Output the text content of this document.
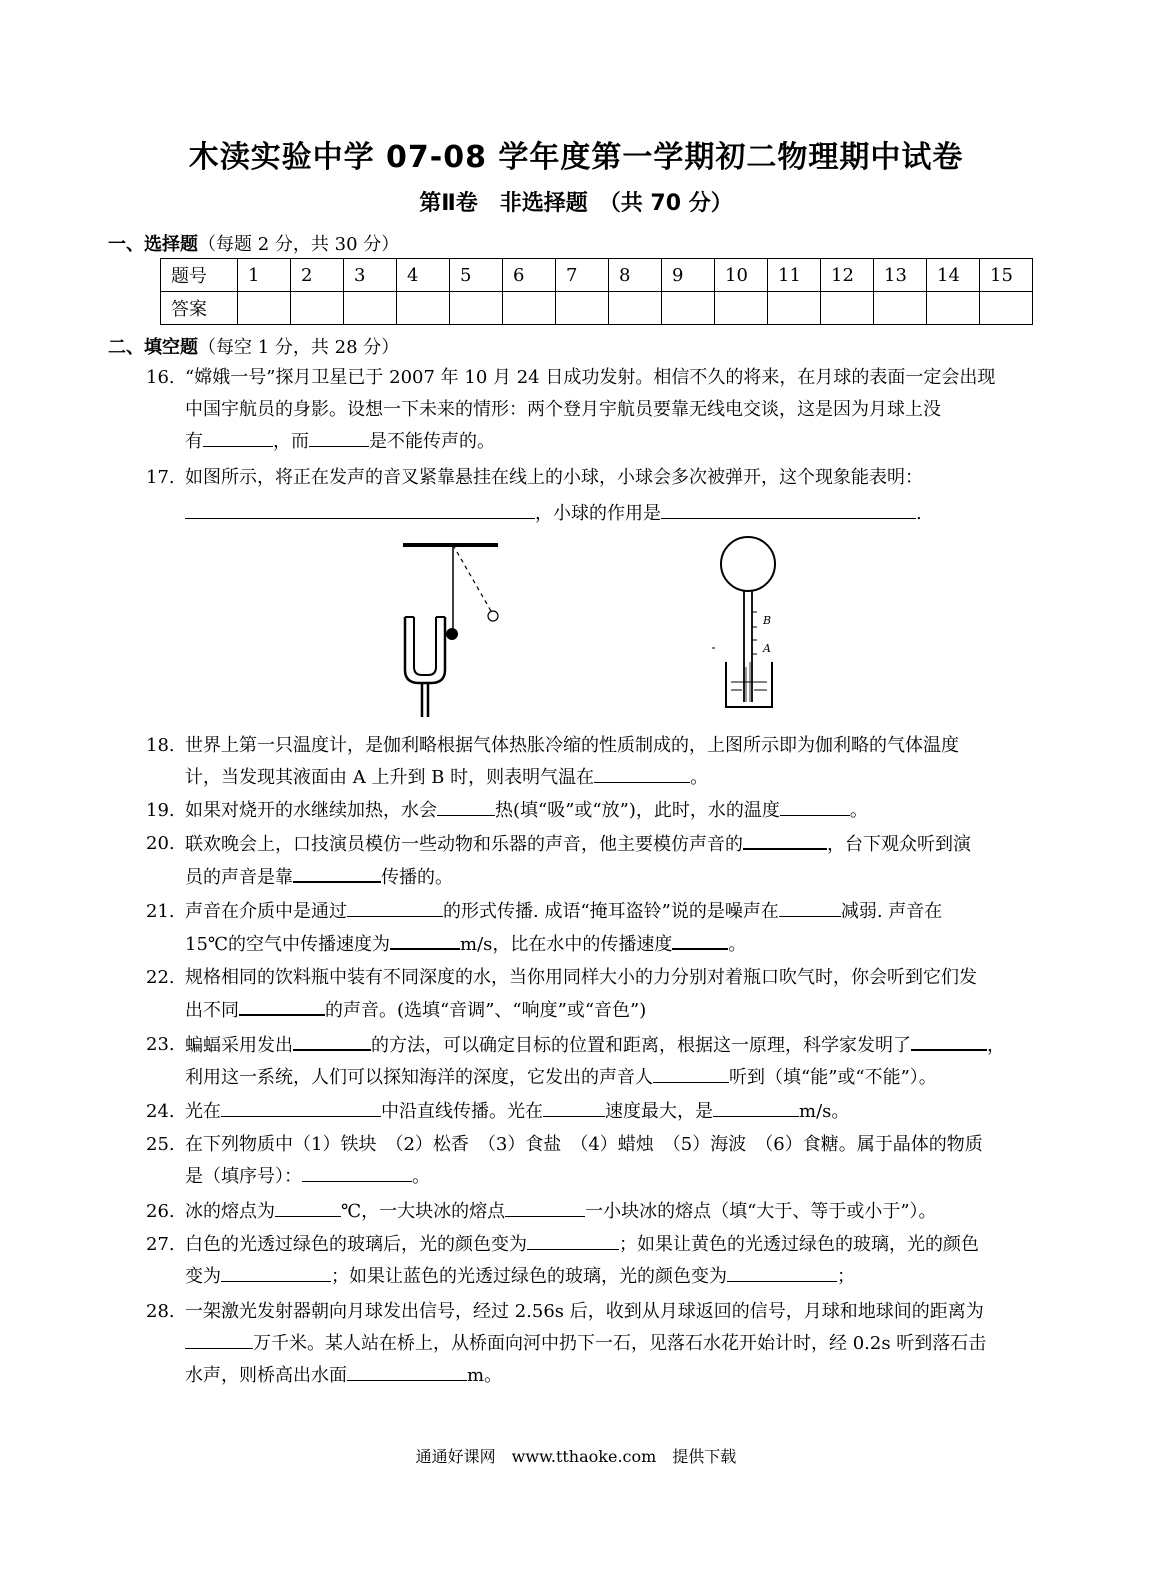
木渎实验中学 07-08 学年度第一学期初二物理期中试卷
第Ⅱ卷　非选择题　（共 70 分）
一、选择题（每题 2 分，共 30 分）
题号	1	2	3	4	5	6	7	8	9	10	11	12	13	14	15
答案															
二、填空题（每空 1 分，共 28 分）
16. “嫦娥一号”探月卫星已于 2007 年 10 月 24 日成功发射。相信不久的将来，在月球的表面一定会出现
中国宇航员的身影。设想一下未来的情形：两个登月宇航员要靠无线电交谈，这是因为月球上没
有	，而	是不能传声的。
17. 如图所示，将正在发声的音叉紧靠悬挂在线上的小球，小球会多次被弹开，这个现象能表明：
，小球的作用是	.
B
A
18. 世界上第一只温度计，是伽利略根据气体热胀冷缩的性质制成的，上图所示即为伽利略的气体温度
计，当发现其液面由 A 上升到 B 时，则表明气温在	。
19. 如果对烧开的水继续加热，水会	热(填“吸”或“放”)，此时，水的温度	。
20. 联欢晚会上，口技演员模仿一些动物和乐器的声音，他主要模仿声音的	，台下观众听到演
员的声音是靠	传播的。
21. 声音在介质中是通过	的形式传播. 成语“掩耳盗铃”说的是噪声在	减弱. 声音在
15℃的空气中传播速度为	m/s，比在水中的传播速度	。
22. 规格相同的饮料瓶中装有不同深度的水，当你用同样大小的力分别对着瓶口吹气时，你会听到它们发
出不同	的声音。(选填“音调”、“响度”或“音色”)
23. 蝙蝠采用发出	的方法，可以确定目标的位置和距离，根据这一原理，科学家发明了	，
利用这一系统，人们可以探知海洋的深度，它发出的声音人	听到（填“能”或“不能”）。
24. 光在	中沿直线传播。光在	速度最大，是	m/s。
25. 在下列物质中（1）铁块　（2）松香　（3）食盐　（4）蜡烛　（5）海波　（6）食糖。属于晶体的物质
是（填序号）：	。
26. 冰的熔点为	℃，一大块冰的熔点	一小块冰的熔点（填“大于、等于或小于”）。
27. 白色的光透过绿色的玻璃后，光的颜色变为	；如果让黄色的光透过绿色的玻璃，光的颜色
变为	；如果让蓝色的光透过绿色的玻璃，光的颜色变为	；
28. 一架激光发射器朝向月球发出信号，经过 2.56s 后，收到从月球返回的信号，月球和地球间的距离为
万千米。某人站在桥上，从桥面向河中扔下一石，见落石水花开始计时，经 0.2s 听到落石击
水声，则桥高出水面	m。
通通好课网　www.tthaoke.com　提供下载
